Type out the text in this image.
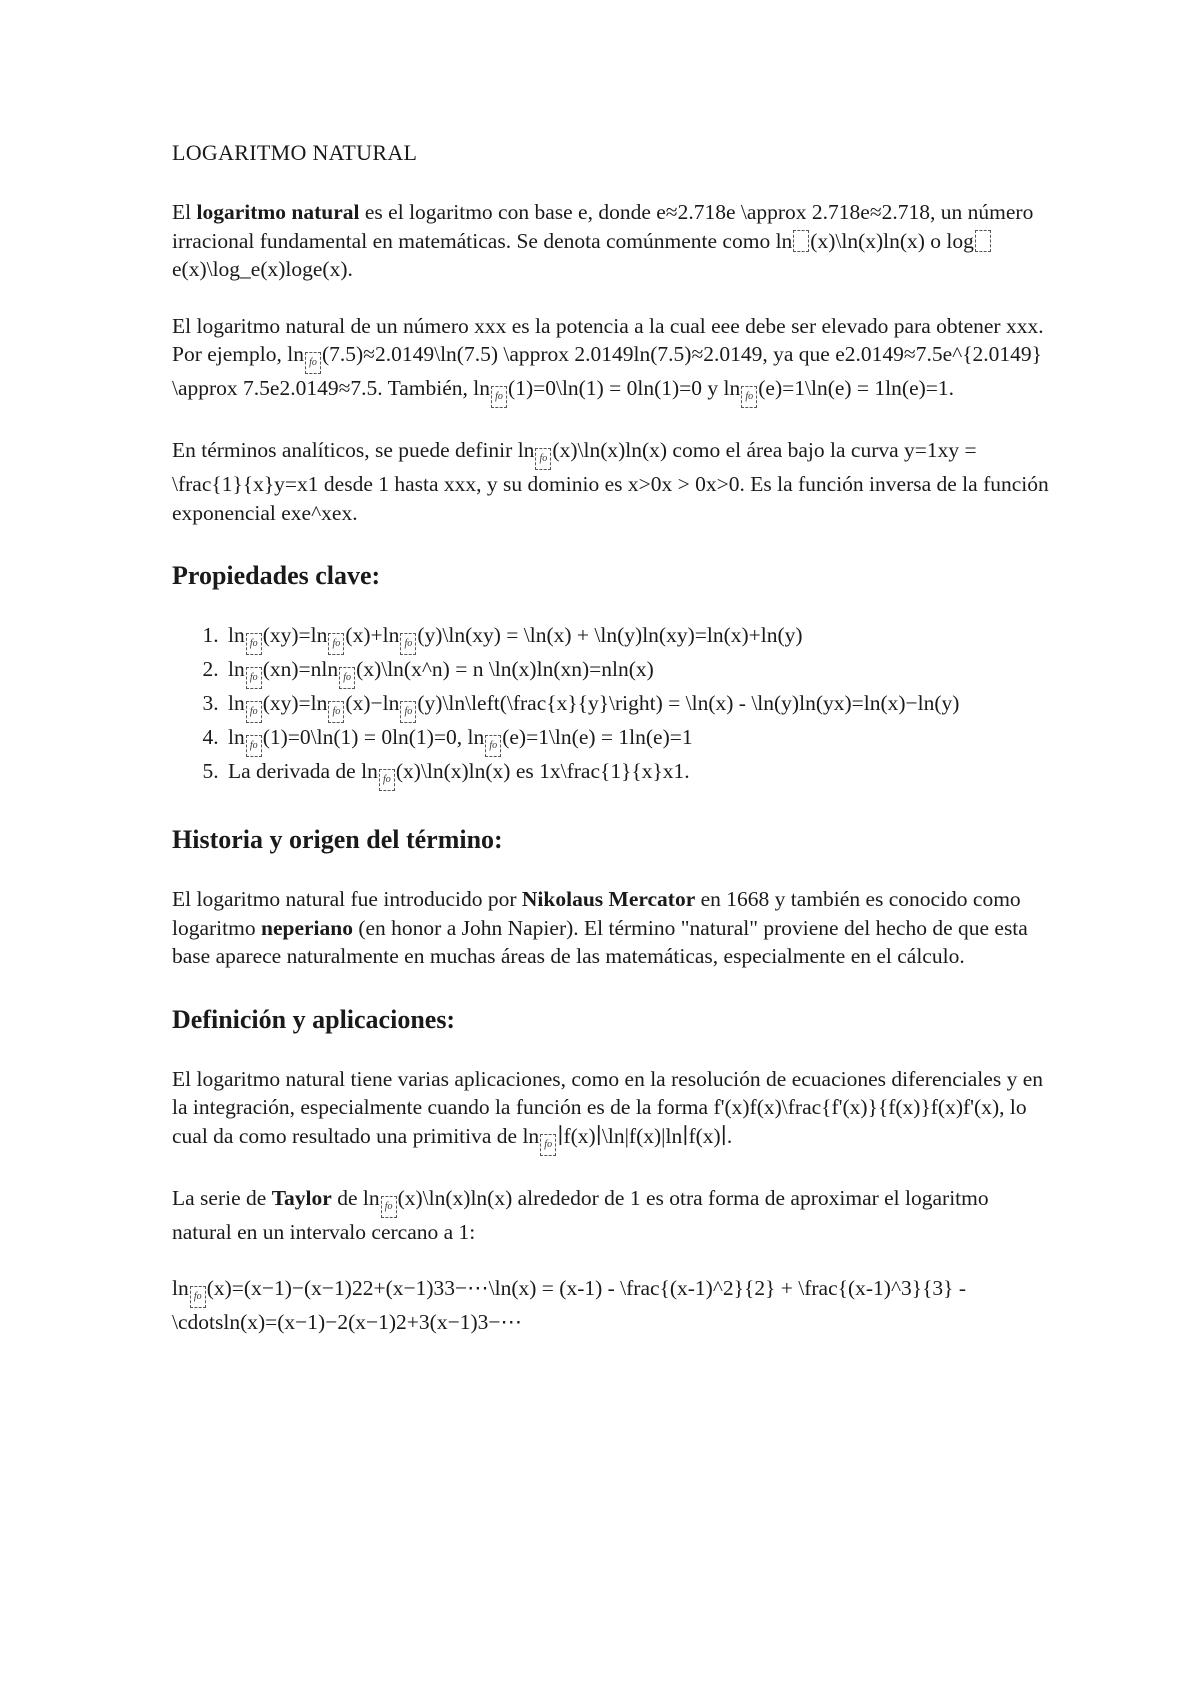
LOGARITMO NATURAL

El logaritmo natural es el logaritmo con base e, donde e≈2.718e \approx 2.718e≈2.718, un número irracional fundamental en matemáticas. Se denota comúnmente como ln (x)\ln(x)ln(x) o loge(x)\log_e(x)loge(x).

El logaritmo natural de un número xxx es la potencia a la cual eee debe ser elevado para obtener xxx. Por ejemplo, ln fo (7.5)≈2.0149\ln(7.5) \approx 2.0149ln(7.5)≈2.0149, ya que e2.0149≈7.5e^{2.0149} \approx 7.5e2.0149≈7.5. También, ln fo (1)=0\ln(1) = 0ln(1)=0 y ln fo (e)=1\ln(e) = 1ln(e)=1.

En términos analíticos, se puede definir ln fo (x)\ln(x)ln(x) como el área bajo la curva y=1xy = \frac{1}{x}y=x1 desde 1 hasta xxx, y su dominio es x>0x > 0x>0. Es la función inversa de la función exponencial exe^xex.

Propiedades clave:
1. ln fo (xy)=ln fo (x)+ln fo (y)\ln(xy) = \ln(x) + \ln(y)ln(xy)=ln(x)+ln(y)
2. ln fo (xn)=nln fo (x)\ln(x^n) = n \ln(x)ln(xn)=nln(x)
3. ln fo (xy)=ln fo (x)−ln fo (y)\ln\left(\frac{x}{y}\right) = \ln(x) - \ln(y)ln(yx)=ln(x)−ln(y)
4. ln fo (1)=0\ln(1) = 0ln(1)=0, ln fo (e)=1\ln(e) = 1ln(e)=1
5. La derivada de ln fo (x)\ln(x)ln(x) es 1x\frac{1}{x}x1.
Historia y origen del término:

El logaritmo natural fue introducido por Nikolaus Mercator en 1668 y también es conocido como logaritmo neperiano (en honor a John Napier). El término "natural" proviene del hecho de que esta base aparece naturalmente en muchas áreas de las matemáticas, especialmente en el cálculo.

Definición y aplicaciones:

El logaritmo natural tiene varias aplicaciones, como en la resolución de ecuaciones diferenciales y en la integración, especialmente cuando la función es de la forma f'(x)f(x)\frac{f'(x)}{f(x)}f(x)f'(x), lo cual da como resultado una primitiva de ln fo ∣f(x)∣\ln|f(x)|ln∣f(x)∣.

La serie de Taylor de ln fo (x)\ln(x)ln(x) alrededor de 1 es otra forma de aproximar el logaritmo natural en un intervalo cercano a 1:

ln fo (x)=(x−1)−(x−1)22+(x−1)33−⋯\ln(x) = (x-1) - \frac{(x-1)^2}{2} + \frac{(x-1)^3}{3} - \cdotsln(x)=(x−1)−2(x−1)2+3(x−1)3−⋯
